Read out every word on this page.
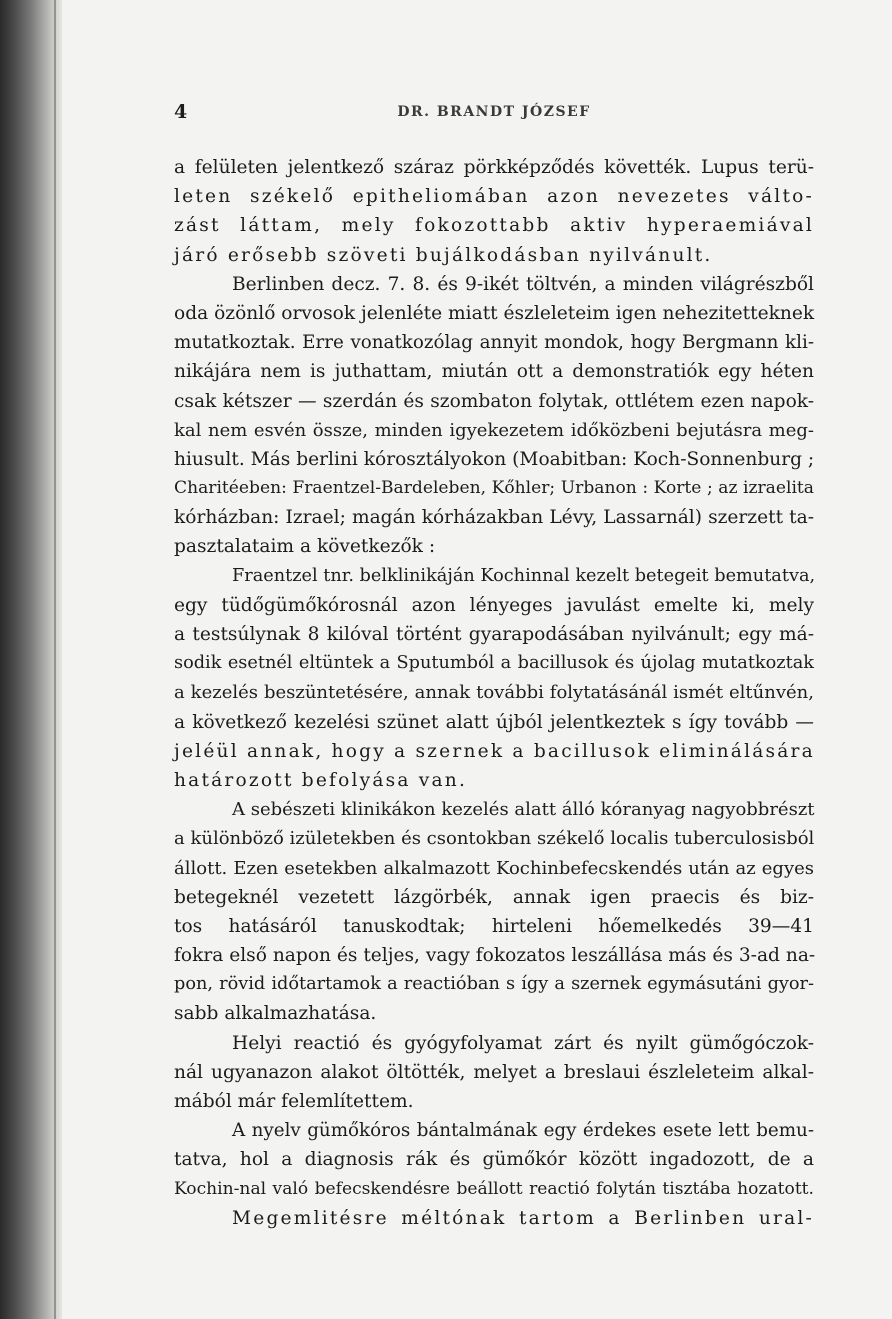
4	DR. BRANDT JÓZSEF
a felületen jelentkező száraz pörkképződés követték. Lupus terü-
leten székelő epitheliomában azon nevezetes válto-
zást láttam, mely fokozottabb aktiv hyperaemiával
járó erősebb szöveti bujálkodásban nyilvánult.
Berlinben decz. 7. 8. és 9-ikét töltvén, a minden világrészből
oda özönlő orvosok jelenléte miatt észleleteim igen nehezitetteknek
mutatkoztak. Erre vonatkozólag annyit mondok, hogy Bergmann kli-
nikájára nem is juthattam, miután ott a demonstratiók egy héten
csak kétszer — szerdán és szombaton folytak, ottlétem ezen napok-
kal nem esvén össze, minden igyekezetem időközbeni bejutásra meg-
hiusult. Más berlini kórosztályokon (Moabitban: Koch-Sonnenburg ;
Charitéeben: Fraentzel-Bardeleben, Kőhler; Urbanon : Korte ; az izraelita
kórházban: Izrael; magán kórházakban Lévy, Lassarnál) szerzett ta-
pasztalataim a következők :
Fraentzel tnr. belklinikáján Kochinnal kezelt betegeit bemutatva,
egy tüdőgümőkórosnál azon lényeges javulást emelte ki, mely
a testsúlynak 8 kilóval történt gyarapodásában nyilvánult; egy má-
sodik esetnél eltüntek a Sputumból a bacillusok és újolag mutatkoztak
a kezelés beszüntetésére, annak további folytatásánál ismét eltűnvén,
a következő kezelési szünet alatt újból jelentkeztek s így tovább —
jeléül annak, hogy a szernek a bacillusok eliminálására
határozott befolyása van.
A sebészeti klinikákon kezelés alatt álló kóranyag nagyobbrészt
a különböző izületekben és csontokban székelő localis tuberculosisból
állott. Ezen esetekben alkalmazott Kochinbefecskendés után az egyes
betegeknél vezetett lázgörbék, annak igen praecis és biz-
tos hatásáról tanuskodtak; hirteleni hőemelkedés 39—41
fokra első napon és teljes, vagy fokozatos leszállása más és 3-ad na-
pon, rövid időtartamok a reactióban s így a szernek egymásutáni gyor-
sabb alkalmazhatása.
Helyi reactió és gyógyfolyamat zárt és nyilt gümőgóczok-
nál ugyanazon alakot öltötték, melyet a breslaui észleleteim alkal-
mából már felemlítettem.
A nyelv gümőkóros bántalmának egy érdekes esete lett bemu-
tatva, hol a diagnosis rák és gümőkór között ingadozott, de a
Kochin-nal való befecskendésre beállott reactió folytán tisztába hozatott.
Megemlitésre méltónak tartom a Berlinben ural-
